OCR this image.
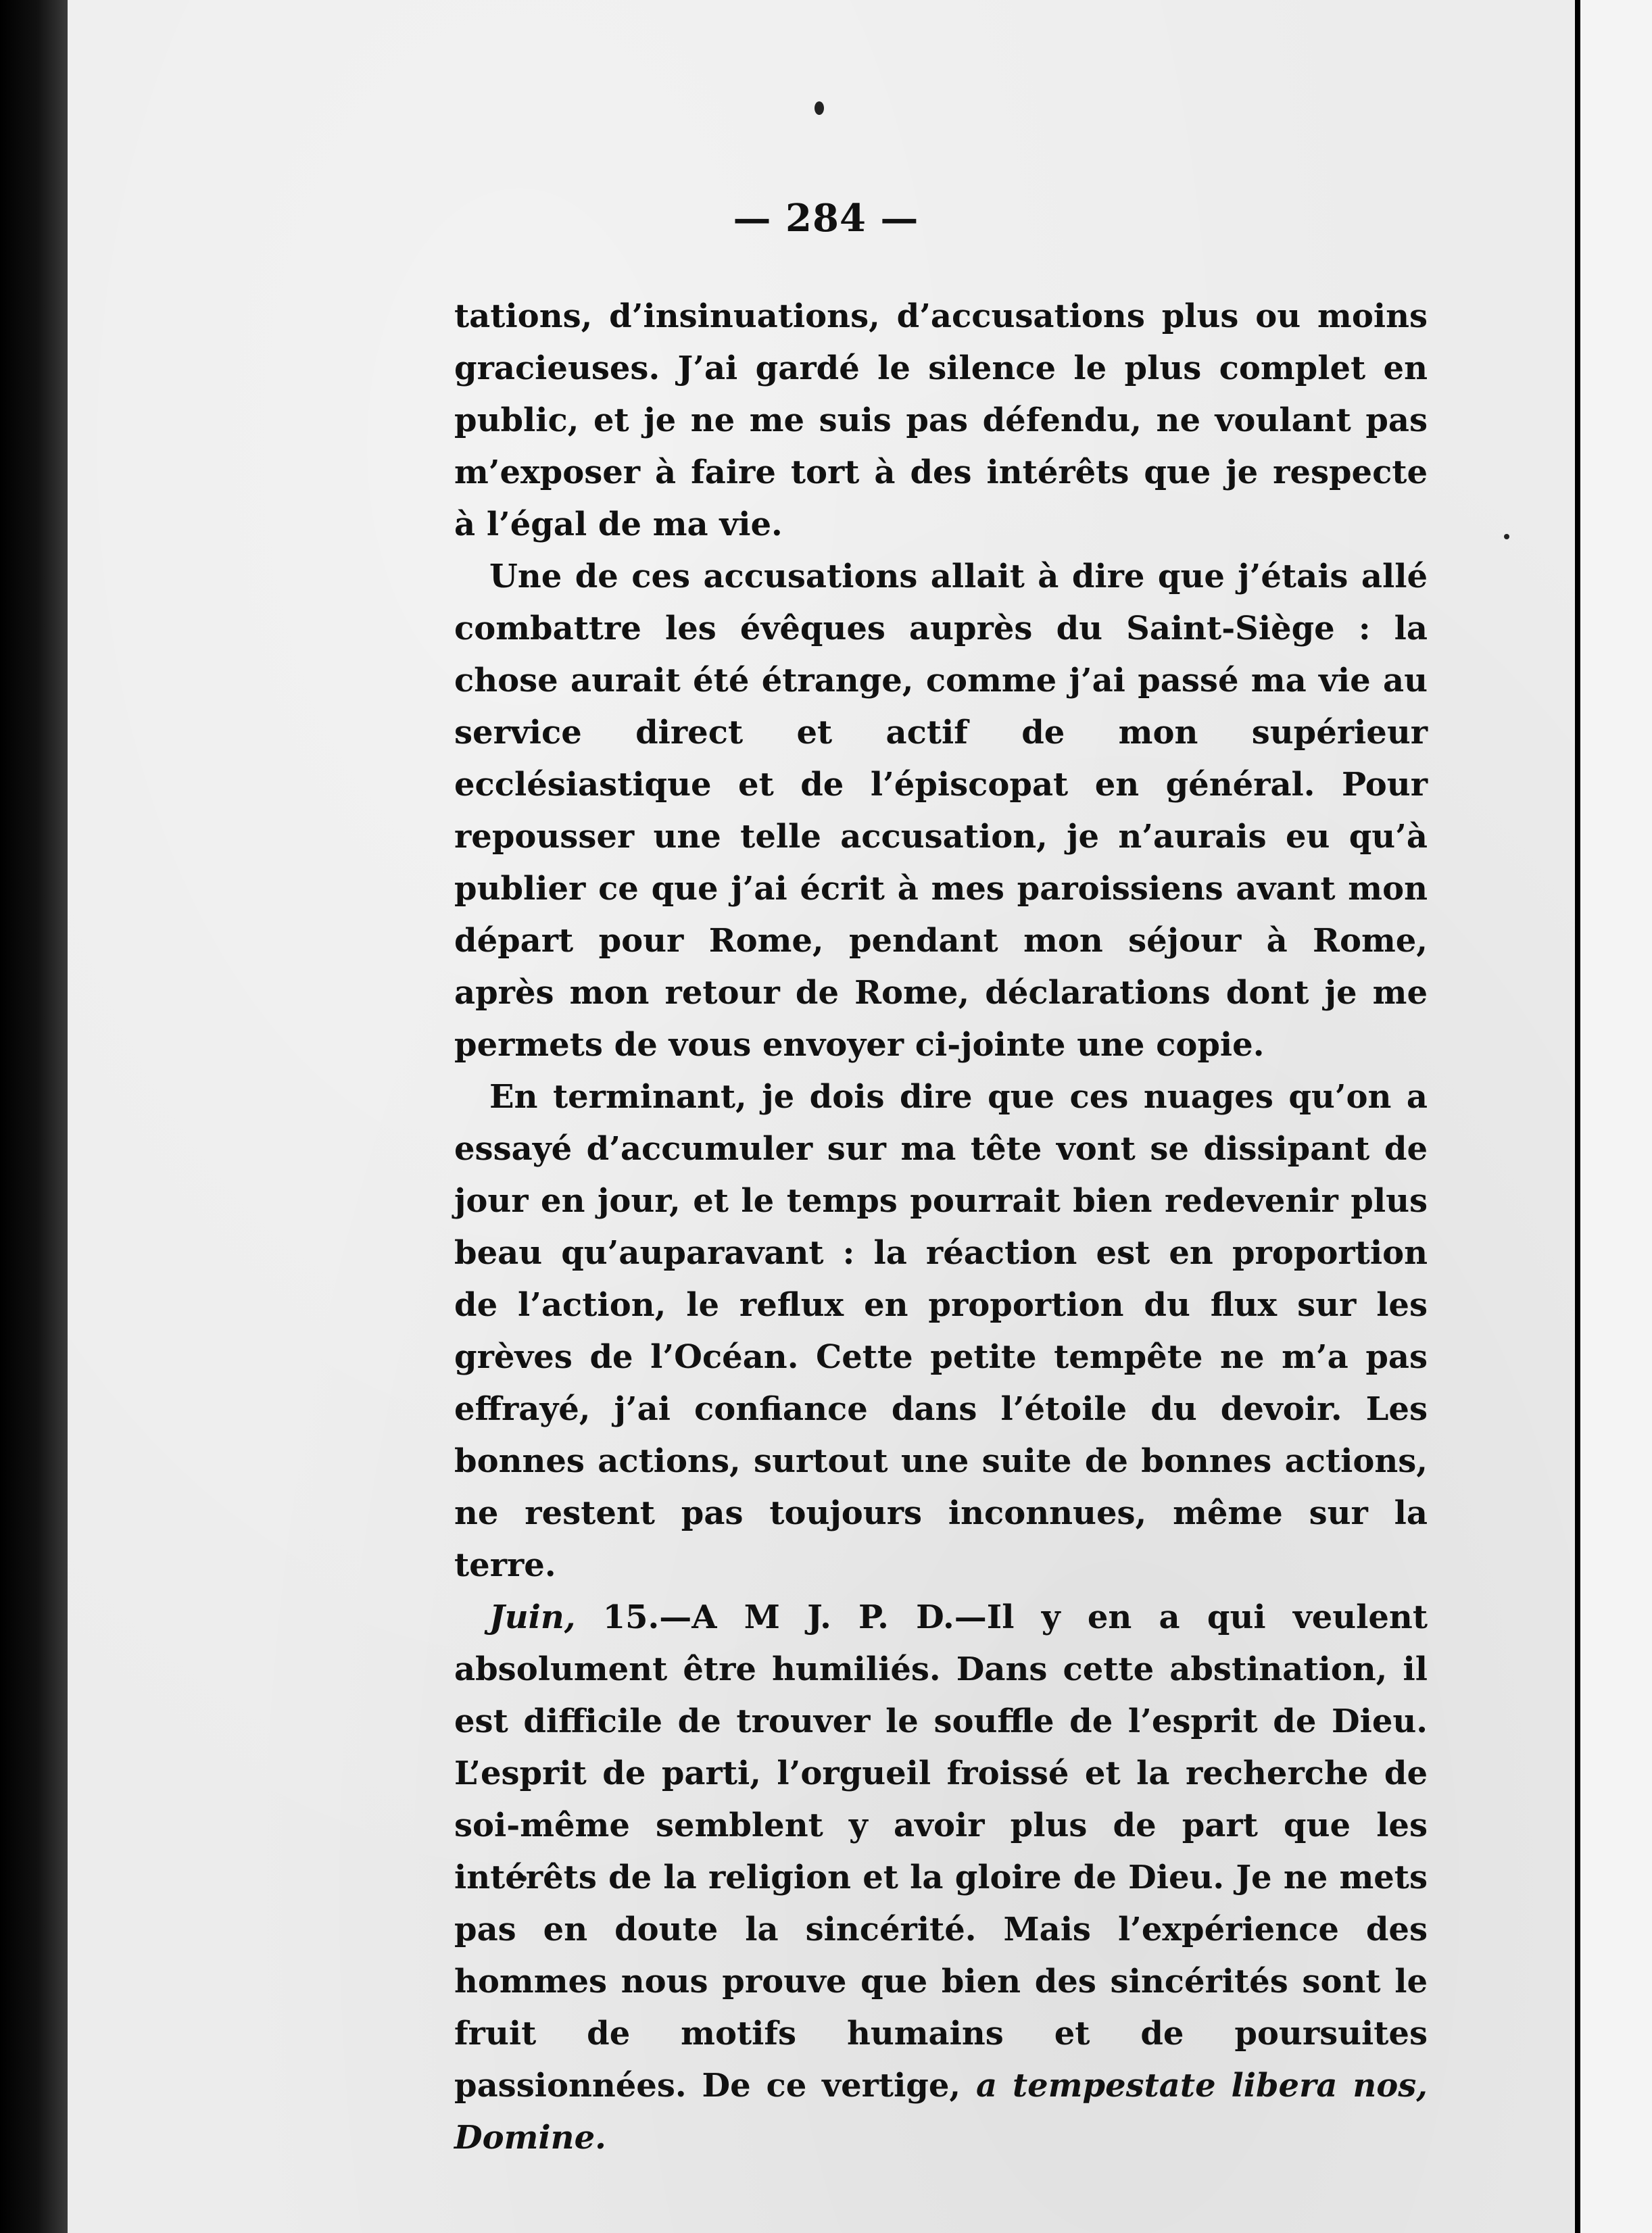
— 284 —

tations, d’insinuations, d’accusations plus ou moins gracieuses. J’ai gardé le silence le plus complet en public, et je ne me suis pas défendu, ne voulant pas m’exposer à faire tort à des intérêts que je respecte à l’égal de ma vie.

Une de ces accusations allait à dire que j’étais allé combattre les évêques auprès du Saint-Siège : la chose aurait été étrange, comme j’ai passé ma vie au service direct et actif de mon supérieur ecclésiastique et de l’épiscopat en général. Pour repousser une telle accusation, je n’aurais eu qu’à publier ce que j’ai écrit à mes paroissiens avant mon départ pour Rome, pendant mon séjour à Rome, après mon retour de Rome, déclarations dont je me permets de vous envoyer ci-jointe une copie.

En terminant, je dois dire que ces nuages qu’on a essayé d’accumuler sur ma tête vont se dissipant de jour en jour, et le temps pourrait bien redevenir plus beau qu’auparavant : la réaction est en proportion de l’action, le reflux en proportion du flux sur les grèves de l’Océan. Cette petite tempête ne m’a pas effrayé, j’ai confiance dans l’étoile du devoir. Les bonnes actions, surtout une suite de bonnes actions, ne restent pas toujours inconnues, même sur la terre.

Juin, 15.—A M J. P. D.—Il y en a qui veulent absolument être humiliés. Dans cette abstination, il est difficile de trouver le souffle de l’esprit de Dieu. L’esprit de parti, l’orgueil froissé et la recherche de soi-même semblent y avoir plus de part que les intérêts de la religion et la gloire de Dieu. Je ne mets pas en doute la sincérité. Mais l’expérience des hommes nous prouve que bien des sincérités sont le fruit de motifs humains et de poursuites passionnées. De ce vertige, a tempestate libera nos, Domine.
